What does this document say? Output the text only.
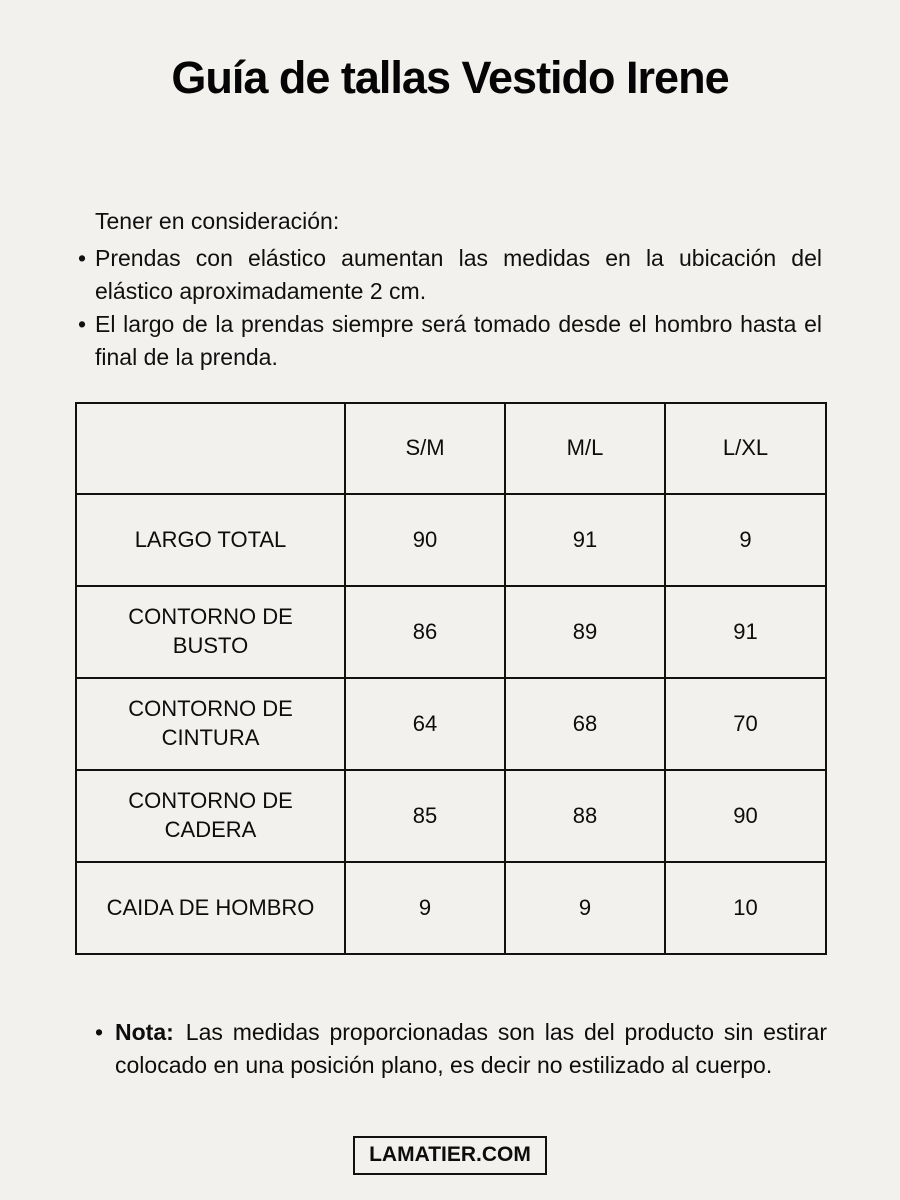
Guía de tallas Vestido Irene

Tener en consideración:

• Prendas con elástico aumentan las medidas en la ubicación del elástico aproximadamente 2 cm.

• El largo de la prendas siempre será tomado desde el hombro hasta el final de la prenda.

	S/M	M/L	L/XL
LARGO TOTAL	90	91	9
CONTORNO DE BUSTO	86	89	91
CONTORNO DE CINTURA	64	68	70
CONTORNO DE CADERA	85	88	90
CAIDA DE HOMBRO	9	9	10
• Nota: Las medidas proporcionadas son las del producto sin estirar colocado en una posición plano, es decir no estilizado al cuerpo.

LAMATIER.COM
